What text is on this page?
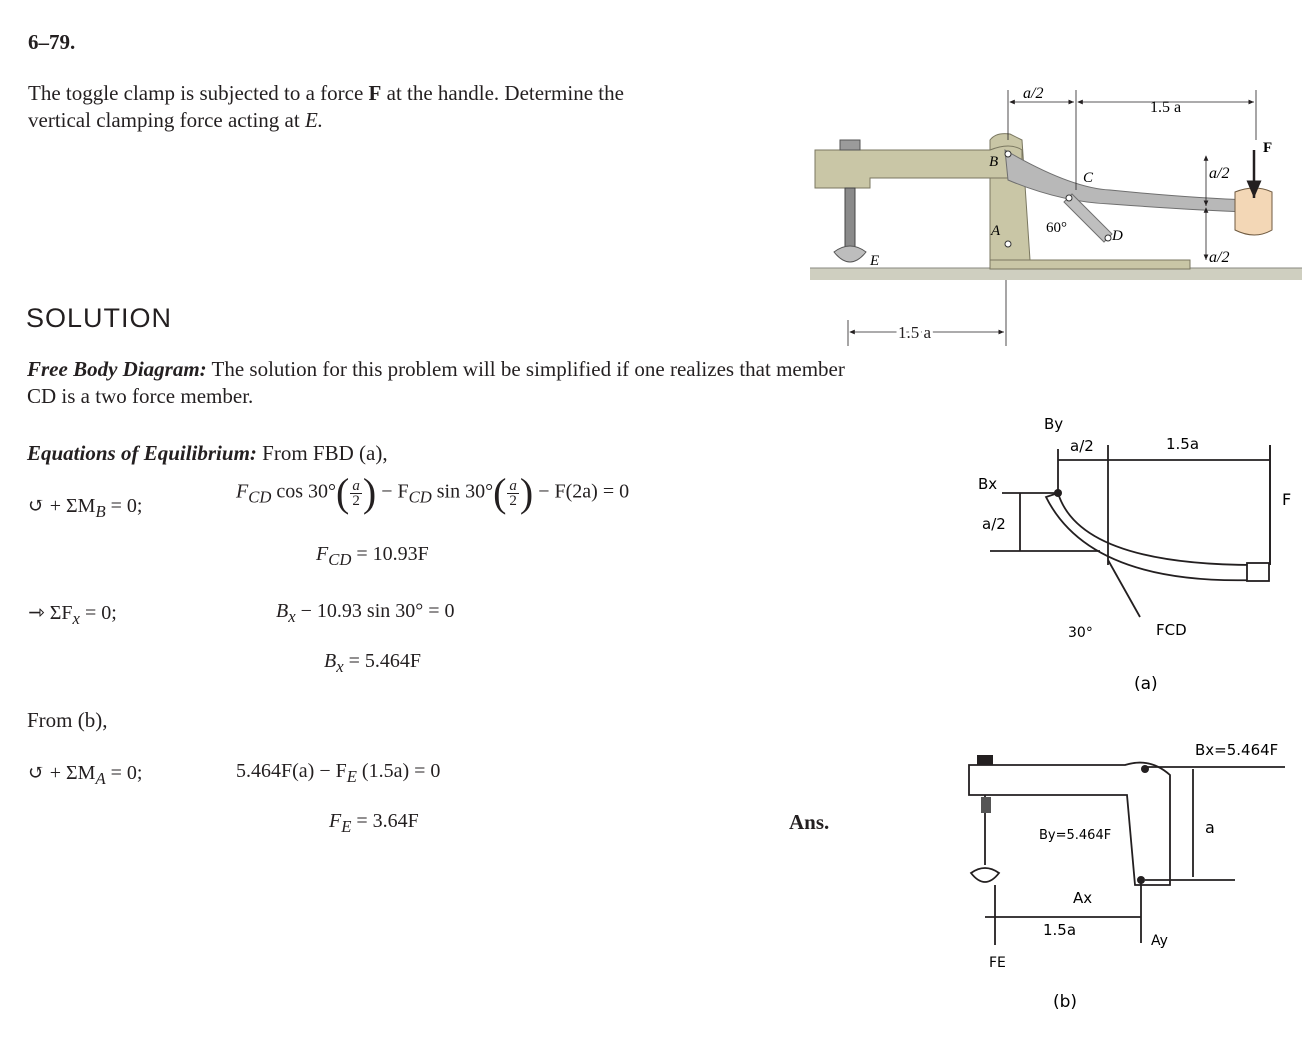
6–79.
The toggle clamp is subjected to a force F at the handle. Determine the vertical clamping force acting at E.
SOLUTION
Free Body Diagram: The solution for this problem will be simplified if one realizes that member CD is a two force member.
Equations of Equilibrium: From FBD (a),
↺ + $\Sigma M_B = 0$;
$F_{CD}$ $\cos 30^\circ( \frac{a}{2}$ ) − $F_{CD}$ $\sin 30^\circ( \frac{a}{2}$ ) − F(2a) = 0
$F_{CD} = 10.93F$
⇾ $\Sigma F_x = 0$;	$B_x - 10.93$ sin 30° = 0
$B_x = 5.464F$
From (b),
↺ + $\Sigma M_A = 0$;	$5.464F(a) - F_E$ (1.5a) = 0
$F_E = 3.64F$	Ans.
F
B
A
C
D
E
60°
a/2
1.5 a
a/2
a/2
1.5 a
By
a/2	1.5a
Bx
a/2
F
30°	FCD
(a)
Bx=5.464F
By=5.464F	a
Ax
1.5a
Ay
FE
(b)
